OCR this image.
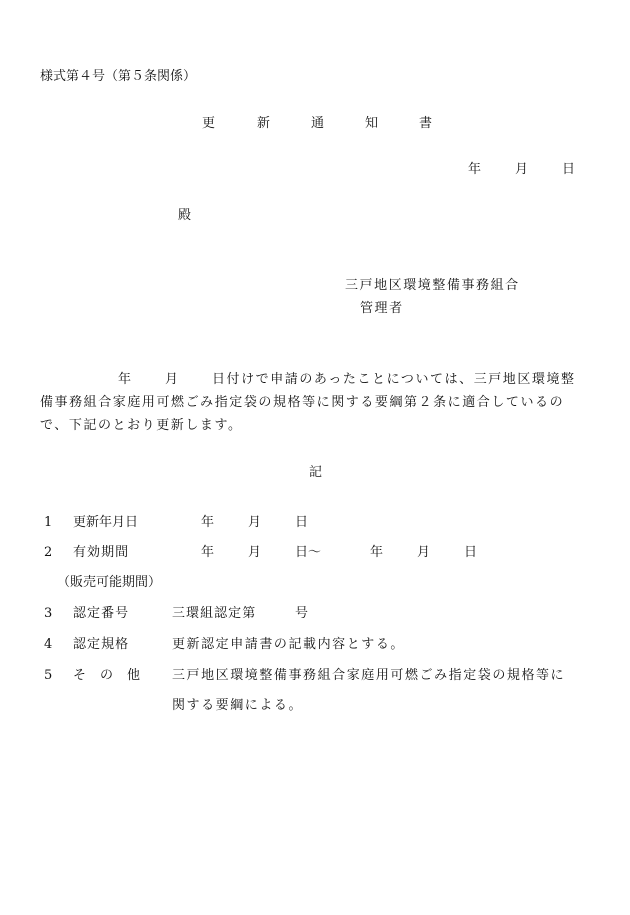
様式第４号（第５条関係）
更	新	通	知	書
年	月	日
殿
三戸地区環境整備事務組合
管理者
年	月	日付けで申請のあったことについては、三戸地区環境整
備事務組合家庭用可燃ごみ指定袋の規格等に関する要綱第２条に適合しているの
で、下記のとおり更新します。
記
1 更新年月日	年	月	日
2 有効期間	年	月	日～	年	月	日
（販売可能期間）
3 認定番号	三環組認定第	号
4 認定規格	更新認定申請書の記載内容とする。
5 そ の 他 三戸地区環境整備事務組合家庭用可燃ごみ指定袋の規格等に
関する要綱による。
